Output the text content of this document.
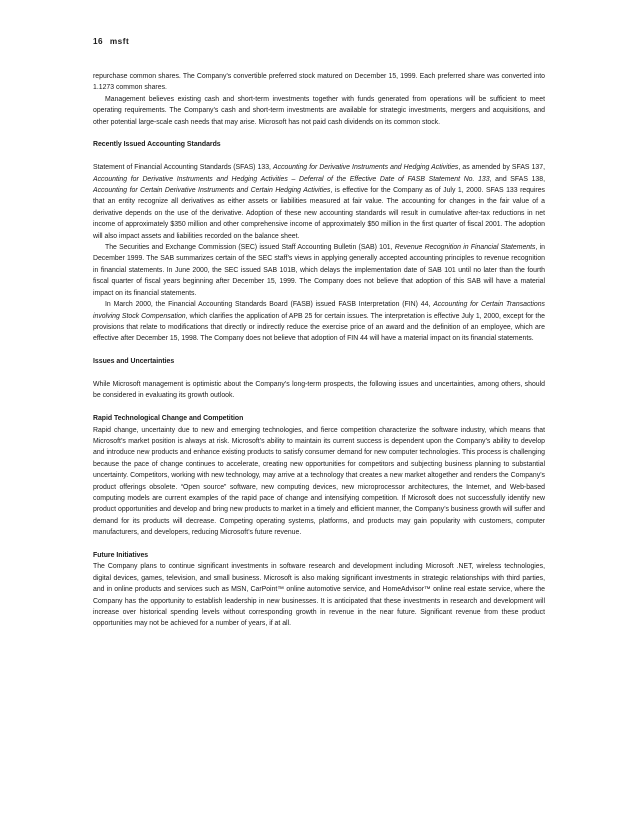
16 msft

repurchase common shares. The Company’s convertible preferred stock matured on December 15, 1999. Each preferred share was converted into 1.1273 common shares.

Management believes existing cash and short-term investments together with funds generated from operations will be sufficient to meet operating requirements. The Company’s cash and short-term investments are available for strategic investments, mergers and acquisitions, and other potential large-scale cash needs that may arise. Microsoft has not paid cash dividends on its common stock.

Recently Issued Accounting Standards

Statement of Financial Accounting Standards (SFAS) 133, Accounting for Derivative Instruments and Hedging Activities, as amended by SFAS 137, Accounting for Derivative Instruments and Hedging Activities – Deferral of the Effective Date of FASB Statement No. 133, and SFAS 138, Accounting for Certain Derivative Instruments and Certain Hedging Activities, is effective for the Company as of July 1, 2000. SFAS 133 requires that an entity recognize all derivatives as either assets or liabilities measured at fair value. The accounting for changes in the fair value of a derivative depends on the use of the derivative. Adoption of these new accounting standards will result in cumulative after-tax reductions in net income of approximately $350 million and other comprehensive income of approximately $50 million in the first quarter of fiscal 2001. The adoption will also impact assets and liabilities recorded on the balance sheet.

The Securities and Exchange Commission (SEC) issued Staff Accounting Bulletin (SAB) 101, Revenue Recognition in Financial Statements, in December 1999. The SAB summarizes certain of the SEC staff’s views in applying generally accepted accounting principles to revenue recognition in financial statements. In June 2000, the SEC issued SAB 101B, which delays the implementation date of SAB 101 until no later than the fourth fiscal quarter of fiscal years beginning after December 15, 1999. The Company does not believe that adoption of this SAB will have a material impact on its financial statements.

In March 2000, the Financial Accounting Standards Board (FASB) issued FASB Interpretation (FIN) 44, Accounting for Certain Transactions involving Stock Compensation, which clarifies the application of APB 25 for certain issues. The interpretation is effective July 1, 2000, except for the provisions that relate to modifications that directly or indirectly reduce the exercise price of an award and the definition of an employee, which are effective after December 15, 1998. The Company does not believe that adoption of FIN 44 will have a material impact on its financial statements.

Issues and Uncertainties

While Microsoft management is optimistic about the Company’s long-term prospects, the following issues and uncertainties, among others, should be considered in evaluating its growth outlook.

Rapid Technological Change and Competition

Rapid change, uncertainty due to new and emerging technologies, and fierce competition characterize the software industry, which means that Microsoft’s market position is always at risk. Microsoft’s ability to maintain its current success is dependent upon the Company’s ability to develop and introduce new products and enhance existing products to satisfy consumer demand for new computer technologies. This process is challenging because the pace of change continues to accelerate, creating new opportunities for competitors and subjecting business planning to substantial uncertainty. Competitors, working with new technology, may arrive at a technology that creates a new market altogether and renders the Company’s product offerings obsolete. “Open source” software, new computing devices, new microprocessor architectures, the Internet, and Web-based computing models are current examples of the rapid pace of change and intensifying competition. If Microsoft does not successfully identify new product opportunities and develop and bring new products to market in a timely and efficient manner, the Company’s business growth will suffer and demand for its products will decrease. Competing operating systems, platforms, and products may gain popularity with customers, computer manufacturers, and developers, reducing Microsoft’s future revenue.

Future Initiatives

The Company plans to continue significant investments in software research and development including Microsoft .NET, wireless technologies, digital devices, games, television, and small business. Microsoft is also making significant investments in strategic relationships with third parties, and in online products and services such as MSN, CarPoint™ online automotive service, and HomeAdvisor™ online real estate service, where the Company has the opportunity to establish leadership in new businesses. It is anticipated that these investments in research and development will increase over historical spending levels without corresponding growth in revenue in the near future. Significant revenue from these product opportunities may not be achieved for a number of years, if at all.
